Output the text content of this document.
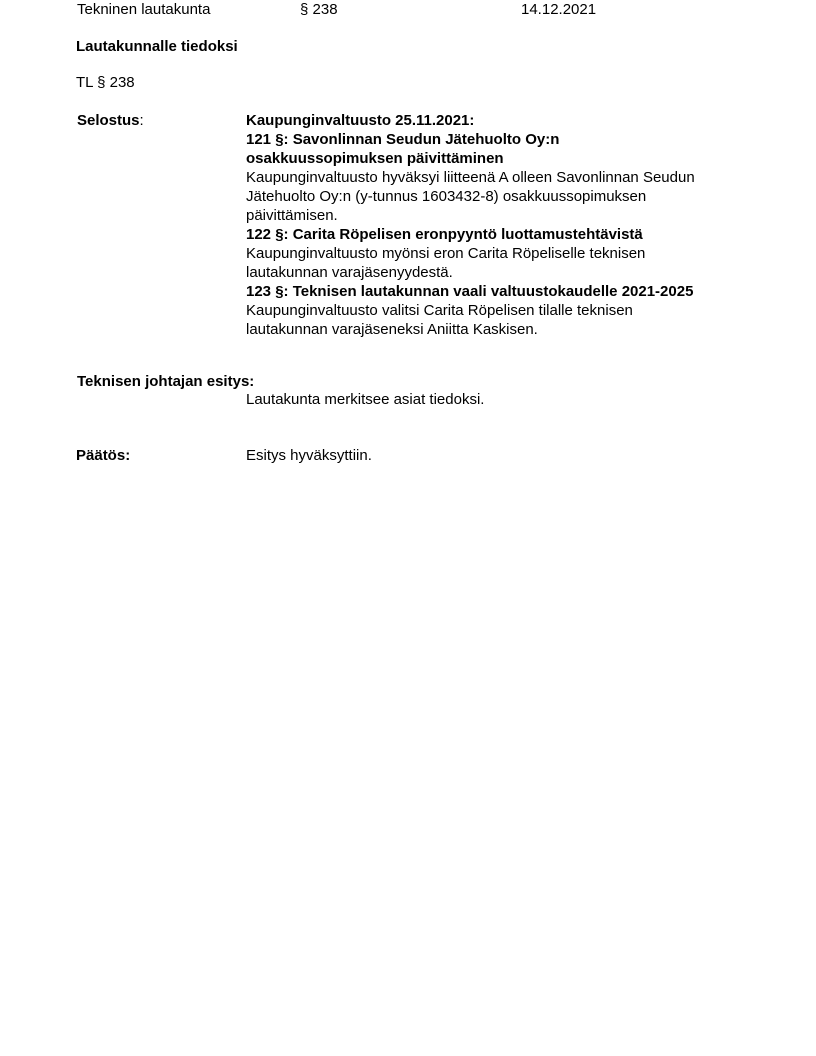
Tekninen lautakunta	§ 238	14.12.2021
Lautakunnalle tiedoksi
TL § 238
Selostus:	Kaupunginvaltuusto 25.11.2021:
121 §: Savonlinnan Seudun Jätehuolto Oy:n
osakkuussopimuksen päivittäminen
Kaupunginvaltuusto hyväksyi liitteenä A olleen Savonlinnan Seudun
Jätehuolto Oy:n (y-tunnus 1603432-8) osakkuussopimuksen
päivittämisen.
122 §: Carita Röpelisen eronpyyntö luottamustehtävistä
Kaupunginvaltuusto myönsi eron Carita Röpeliselle teknisen
lautakunnan varajäsenyydestä.
123 §: Teknisen lautakunnan vaali valtuustokaudelle 2021-2025
Kaupunginvaltuusto valitsi Carita Röpelisen tilalle teknisen
lautakunnan varajäseneksi Aniitta Kaskisen.
Teknisen johtajan esitys:
Lautakunta merkitsee asiat tiedoksi.
Päätös:	Esitys hyväksyttiin.
